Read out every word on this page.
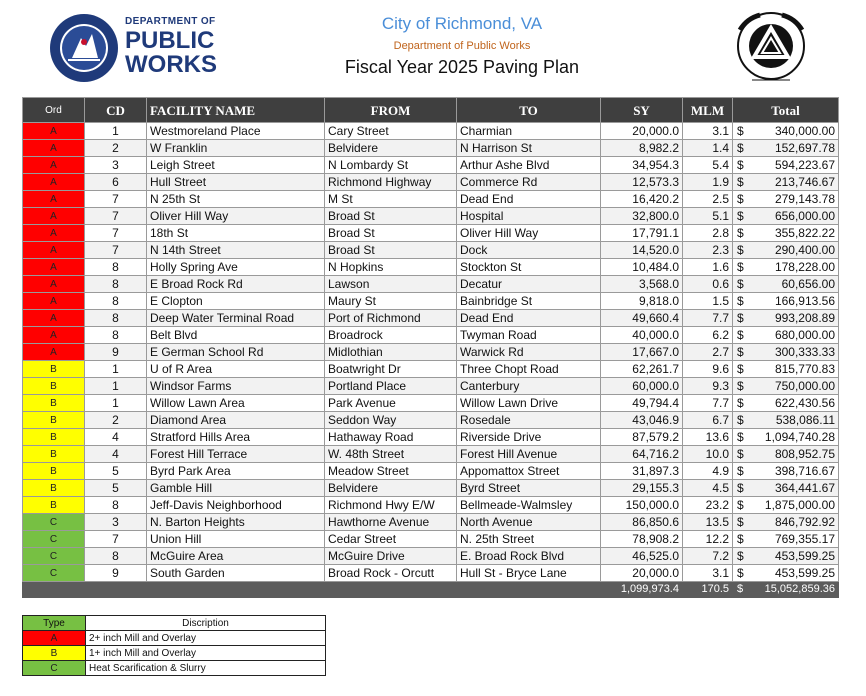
DEPARTMENT OF
PUBLIC
WORKS
City of Richmond, VA
Department of Public Works
Fiscal Year 2025 Paving Plan
Ord	CD	FACILITY NAME	FROM	TO	SY	MLM	Total
A	1	Westmoreland Place	Cary Street	Charmian	20,000.0	3.1	$ 340,000.00
A	2	W Franklin	Belvidere	N Harrison St	8,982.2	1.4	$ 152,697.78
A	3	Leigh Street	N Lombardy St	Arthur Ashe Blvd	34,954.3	5.4	$ 594,223.67
A	6	Hull Street	Richmond Highway	Commerce Rd	12,573.3	1.9	$ 213,746.67
A	7	N 25th St	M St	Dead End	16,420.2	2.5	$ 279,143.78
A	7	Oliver Hill Way	Broad St	Hospital	32,800.0	5.1	$ 656,000.00
A	7	18th St	Broad St	Oliver Hill Way	17,791.1	2.8	$ 355,822.22
A	7	N 14th Street	Broad St	Dock	14,520.0	2.3	$ 290,400.00
A	8	Holly Spring Ave	N Hopkins	Stockton St	10,484.0	1.6	$ 178,228.00
A	8	E Broad Rock Rd	Lawson	Decatur	3,568.0	0.6	$ 60,656.00
A	8	E Clopton	Maury St	Bainbridge St	9,818.0	1.5	$ 166,913.56
A	8	Deep Water Terminal Road	Port of Richmond	Dead End	49,660.4	7.7	$ 993,208.89
A	8	Belt Blvd	Broadrock	Twyman Road	40,000.0	6.2	$ 680,000.00
A	9	E German School Rd	Midlothian	Warwick Rd	17,667.0	2.7	$ 300,333.33
B	1	U of R Area	Boatwright Dr	Three Chopt Road	62,261.7	9.6	$ 815,770.83
B	1	Windsor Farms	Portland Place	Canterbury	60,000.0	9.3	$ 750,000.00
B	1	Willow Lawn Area	Park Avenue	Willow Lawn Drive	49,794.4	7.7	$ 622,430.56
B	2	Diamond Area	Seddon Way	Rosedale	43,046.9	6.7	$ 538,086.11
B	4	Stratford Hills Area	Hathaway Road	Riverside Drive	87,579.2	13.6	$ 1,094,740.28
B	4	Forest Hill Terrace	W. 48th Street	Forest Hill Avenue	64,716.2	10.0	$ 808,952.75
B	5	Byrd Park Area	Meadow Street	Appomattox Street	31,897.3	4.9	$ 398,716.67
B	5	Gamble Hill	Belvidere	Byrd Street	29,155.3	4.5	$ 364,441.67
B	8	Jeff-Davis Neighborhood	Richmond Hwy E/W	Bellmeade-Walmsley	150,000.0	23.2	$ 1,875,000.00
C	3	N. Barton Heights	Hawthorne Avenue	North Avenue	86,850.6	13.5	$ 846,792.92
C	7	Union Hill	Cedar Street	N. 25th Street	78,908.2	12.2	$ 769,355.17
C	8	McGuire Area	McGuire Drive	E. Broad Rock Blvd	46,525.0	7.2	$ 453,599.25
C	9	South Garden	Broad Rock - Orcutt	Hull St - Bryce Lane	20,000.0	3.1	$ 453,599.25
					1,099,973.4	170.5	$ 15,052,859.36
Type	Discription
A	2+ inch Mill and Overlay
B	1+ inch Mill and Overlay
C	Heat Scarification & Slurry
